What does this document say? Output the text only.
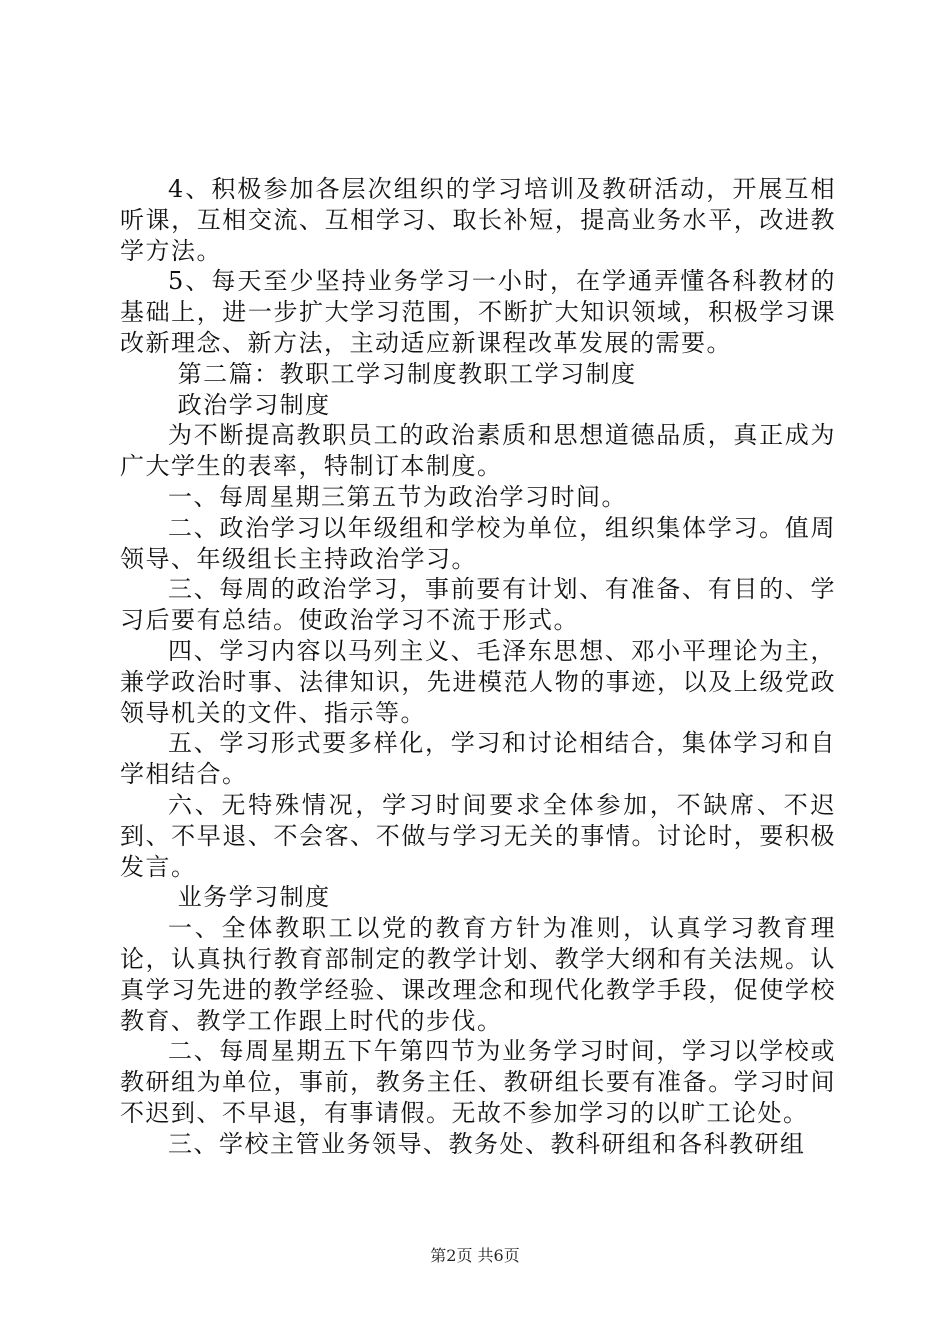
4、积极参加各层次组织的学习培训及教研活动，开展互相听课，互相交流、互相学习、取长补短，提高业务水平，改进教学方法。

5、每天至少坚持业务学习一小时，在学通弄懂各科教材的基础上，进一步扩大学习范围，不断扩大知识领域，积极学习课改新理念、新方法，主动适应新课程改革发展的需要。

第二篇：教职工学习制度教职工学习制度

政治学习制度

为不断提高教职员工的政治素质和思想道德品质，真正成为广大学生的表率，特制订本制度。

一、每周星期三第五节为政治学习时间。

二、政治学习以年级组和学校为单位，组织集体学习。值周领导、年级组长主持政治学习。

三、每周的政治学习，事前要有计划、有准备、有目的、学习后要有总结。使政治学习不流于形式。

四、学习内容以马列主义、毛泽东思想、邓小平理论为主，兼学政治时事、法律知识，先进模范人物的事迹，以及上级党政领导机关的文件、指示等。

五、学习形式要多样化，学习和讨论相结合，集体学习和自学相结合。

六、无特殊情况，学习时间要求全体参加，不缺席、不迟到、不早退、不会客、不做与学习无关的事情。讨论时，要积极发言。

业务学习制度

一、全体教职工以党的教育方针为准则，认真学习教育理论，认真执行教育部制定的教学计划、教学大纲和有关法规。认真学习先进的教学经验、课改理念和现代化教学手段，促使学校教育、教学工作跟上时代的步伐。

二、每周星期五下午第四节为业务学习时间，学习以学校或教研组为单位，事前，教务主任、教研组长要有准备。学习时间不迟到、不早退，有事请假。无故不参加学习的以旷工论处。

三、学校主管业务领导、教务处、教科研组和各科教研组

第2页 共6页
